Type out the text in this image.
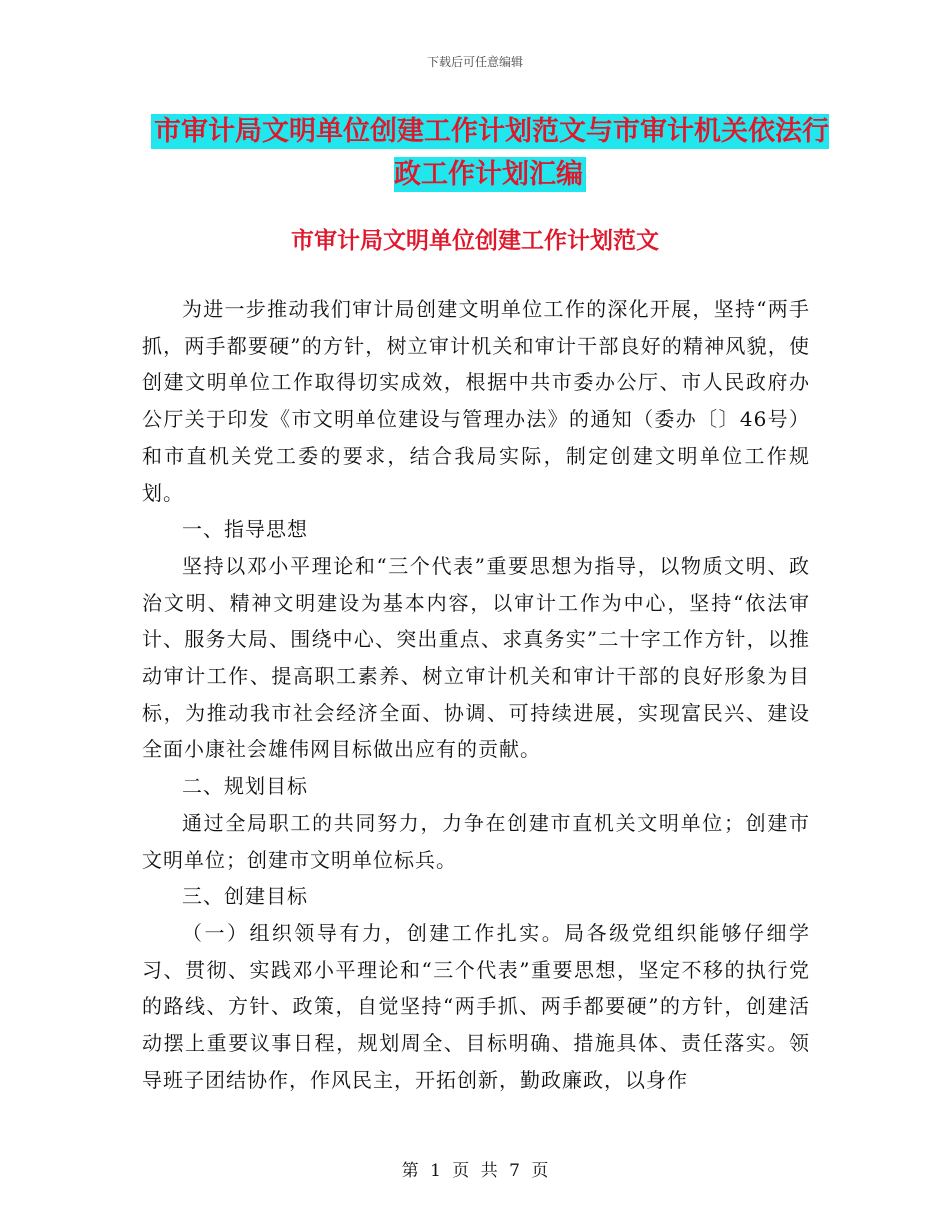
下载后可任意编辑
市审计局文明单位创建工作计划范文与市审计机关依法行政工作计划汇编
市审计局文明单位创建工作计划范文

为进一步推动我们审计局创建文明单位工作的深化开展，坚持“两手抓，两手都要硬”的方针，树立审计机关和审计干部良好的精神风貌，使创建文明单位工作取得切实成效，根据中共市委办公厅、市人民政府办公厅关于印发《市文明单位建设与管理办法》的通知（委办〔〕46号）和市直机关党工委的要求，结合我局实际，制定创建文明单位工作规划。

一、指导思想

坚持以邓小平理论和“三个代表”重要思想为指导，以物质文明、政治文明、精神文明建设为基本内容，以审计工作为中心，坚持“依法审计、服务大局、围绕中心、突出重点、求真务实”二十字工作方针，以推动审计工作、提高职工素养、树立审计机关和审计干部的良好形象为目标，为推动我市社会经济全面、协调、可持续进展，实现富民兴、建设全面小康社会雄伟网目标做出应有的贡献。

二、规划目标

通过全局职工的共同努力，力争在创建市直机关文明单位；创建市文明单位；创建市文明单位标兵。

三、创建目标

（一）组织领导有力，创建工作扎实。局各级党组织能够仔细学习、贯彻、实践邓小平理论和“三个代表”重要思想，坚定不移的执行党的路线、方针、政策，自觉坚持“两手抓、两手都要硬”的方针，创建活动摆上重要议事日程，规划周全、目标明确、措施具体、责任落实。领导班子团结协作，作风民主，开拓创新，勤政廉政，以身作

第 1 页 共 7 页
